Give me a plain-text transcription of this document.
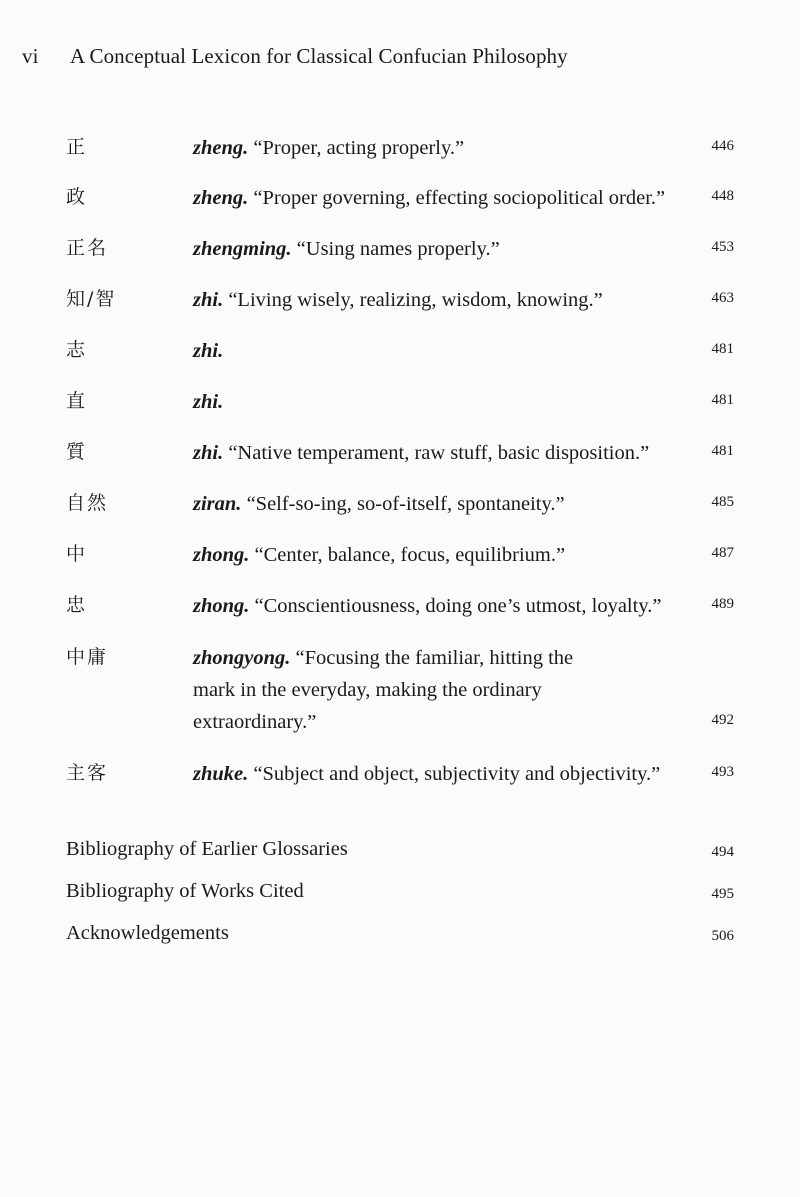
vi A Conceptual Lexicon for Classical Confucian Philosophy
正	zheng. “Proper, acting properly.”	446
政	zheng. “Proper governing, effecting sociopolitical order.”	448
正名	zhengming. “Using names properly.”	453
知/智	zhi. “Living wisely, realizing, wisdom, knowing.”	463
志	zhi.	481
直	zhi.	481
質	zhi. “Native temperament, raw stuff, basic disposition.”	481
自然	ziran. “Self-so-ing, so-of-itself, spontaneity.”	485
中	zhong. “Center, balance, focus, equilibrium.”	487
忠	zhong. “Conscientiousness, doing one’s utmost, loyalty.”	489
中庸	zhongyong. “Focusing the familiar, hitting the mark in the everyday, making the ordinary extraordinary.”	492
主客	zhuke. “Subject and object, subjectivity and objectivity.”	493
Bibliography of Earlier Glossaries	494
Bibliography of Works Cited	495
Acknowledgements	506
